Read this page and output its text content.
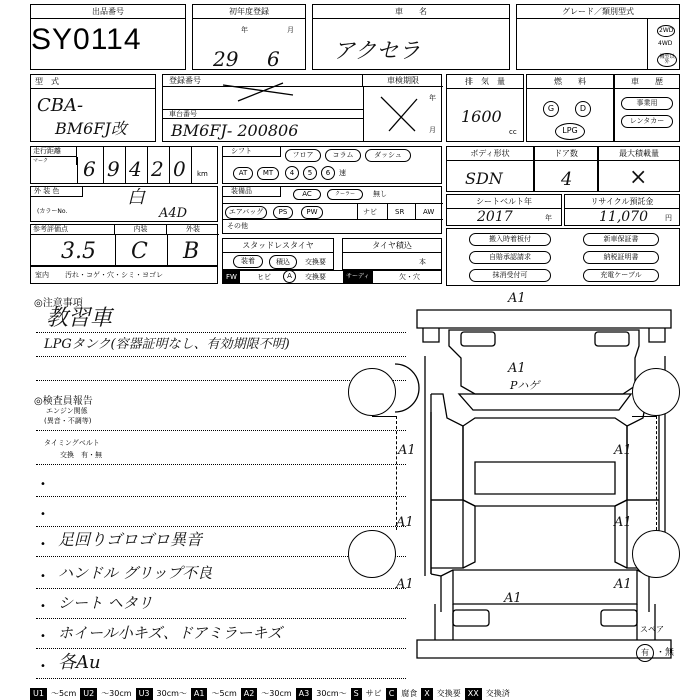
出品番号
SY0114
初年度登録
年	月
29 6
車　　名
アクセラ
グレード／類別型式
2WD
4WD
機型以外
型　式
CBA-
BM6FJ改
登録番号	車検期限
車台番号
BM6FJ- 200806
年
月
排　気　量
1600
cc
燃　　料
G	D
LPG
車　　歴
事業用
レンタカー
走行距離
マーク	6 9 4 2 0 km
シフト	フロア	コラム	ダッシュ
AT	MT	4	5	6	速
ボディ形状
SDN
ドア数
4
最大積載量
×
外 装 色	白
(カラーNo.	A4D
装備品	AC	クーラー	無し
エアバッグ	PS	PW	ナビ	SR	AW
その他
シートベルト年
2017	年
リサイクル預託金
11,070 円
参考評価点	内装	外装
3.5 C B
室内 汚れ・コゲ・穴・シミ・ヨゴレ
スタッドレスタイヤ
装着	積込	交換要
タイヤ積込
本
FW	ヒビ	A	交換要	サーディ	欠・穴
搬入時着板付	新車保証書
自賠承認請求	納税証明書
抹消受付可	充電ケーブル
◎注意事項
教習車
LPGタンク(容器証明なし、有効期限不明)
◎検査員報告
エンジン関係
(異音・不調等)
タイミングベルト
交換　有・無
•
•
• 足回りゴロゴロ異音
• ハンドル グリップ不良
• シート ヘタリ
• ホイール小キズ、ドアミラーキズ
• 各Au
A1
A1
Pハゲ
A1	A1
A1	A1
A1	A1
A1
スペア
有 ・無
U1 ～5cm U2 ～30cm U3 30cm～ A1 ～5cm A2 ～30cm A3 30cm～ S サビ C 腐食 X 交換要 XX 交換済
